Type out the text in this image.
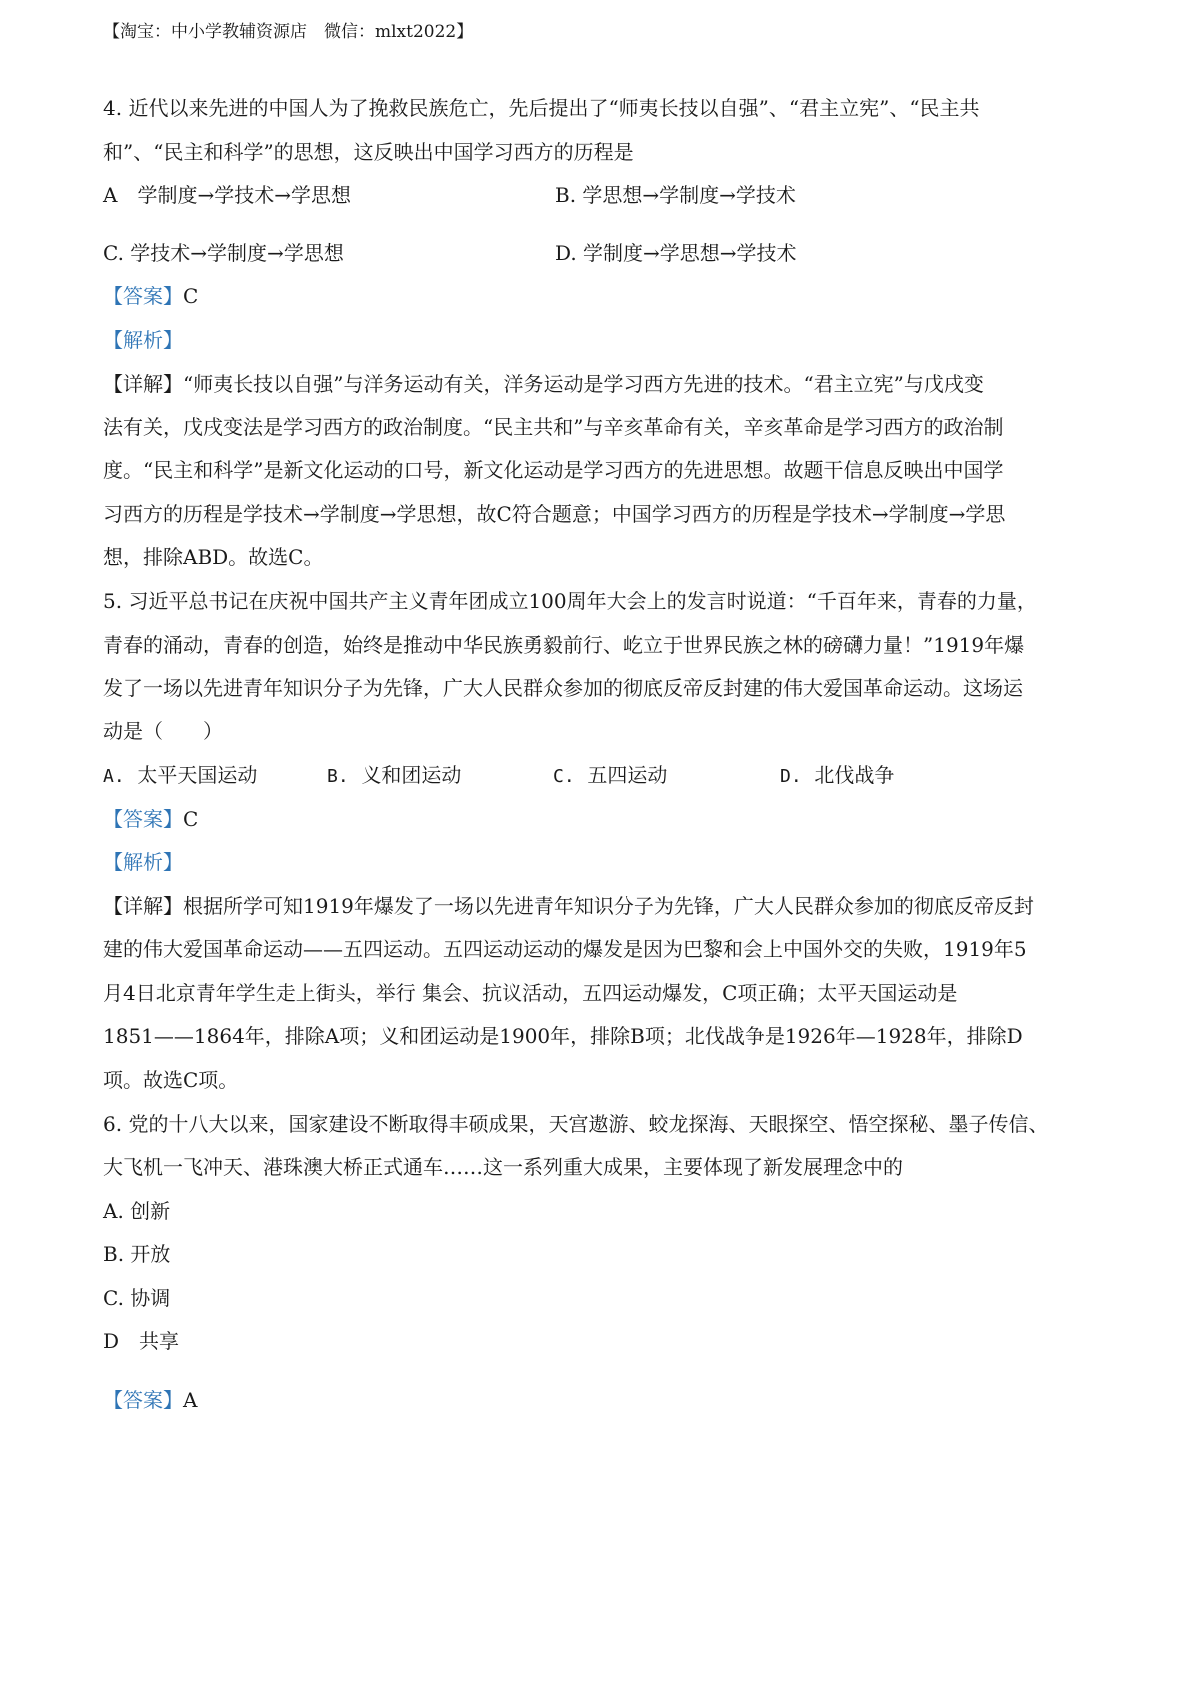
【淘宝：中小学教辅资源店　微信：mlxt2022】
4. 近代以来先进的中国人为了挽救民族危亡，先后提出了“师夷长技以自强”、“君主立宪”、“民主共
和”、“民主和科学”的思想，这反映出中国学习西方的历程是
A　学制度→学技术→学思想	B. 学思想→学制度→学技术
C. 学技术→学制度→学思想	D. 学制度→学思想→学技术
【答案】C
【解析】
【详解】“师夷长技以自强”与洋务运动有关，洋务运动是学习西方先进的技术。“君主立宪”与戊戌变
法有关，戊戌变法是学习西方的政治制度。“民主共和”与辛亥革命有关，辛亥革命是学习西方的政治制
度。“民主和科学”是新文化运动的口号，新文化运动是学习西方的先进思想。故题干信息反映出中国学
习西方的历程是学技术→学制度→学思想，故C符合题意；中国学习西方的历程是学技术→学制度→学思
想，排除ABD。故选C。
5. 习近平总书记在庆祝中国共产主义青年团成立100周年大会上的发言时说道：“千百年来，青春的力量，
青春的涌动，青春的创造，始终是推动中华民族勇毅前行、屹立于世界民族之林的磅礴力量！”1919年爆
发了一场以先进青年知识分子为先锋，广大人民群众参加的彻底反帝反封建的伟大爱国革命运动。这场运
动是（　　）
A. 太平天国运动	B. 义和团运动	C. 五四运动	D. 北伐战争
【答案】C
【解析】
【详解】根据所学可知1919年爆发了一场以先进青年知识分子为先锋，广大人民群众参加的彻底反帝反封
建的伟大爱国革命运动——五四运动。五四运动运动的爆发是因为巴黎和会上中国外交的失败，1919年5
月4日北京青年学生走上街头，举行 集会、抗议活动，五四运动爆发，C项正确；太平天国运动是
1851——1864年，排除A项；义和团运动是1900年，排除B项；北伐战争是1926年—1928年，排除D
项。故选C项。
6. 党的十八大以来，国家建设不断取得丰硕成果，天宫遨游、蛟龙探海、天眼探空、悟空探秘、墨子传信、
大飞机一飞冲天、港珠澳大桥正式通车……这一系列重大成果，主要体现了新发展理念中的
A. 创新
B. 开放
C. 协调
D　共享
【答案】A
